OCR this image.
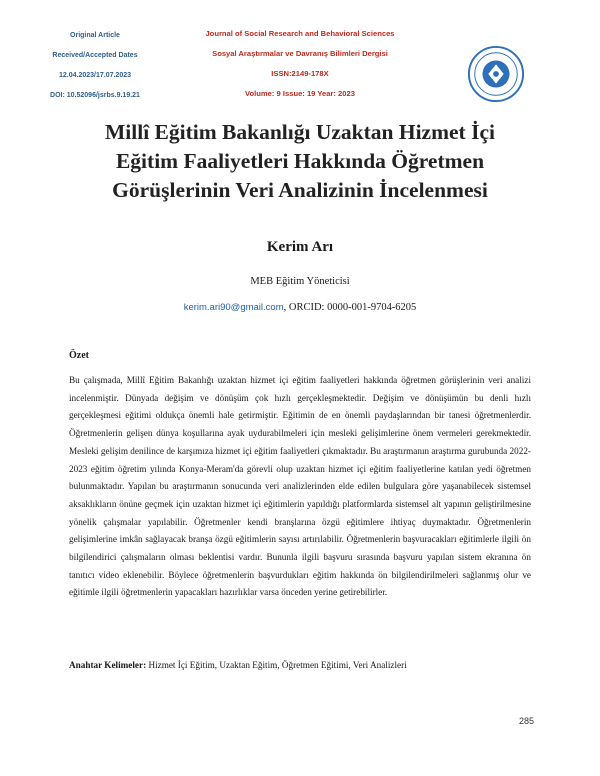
Original Article
Received/Accepted Dates
12.04.2023/17.07.2023
DOI: 10.52096/jsrbs.9.19.21
Journal of Social Research and Behavioral Sciences
Sosyal Araştırmalar ve Davranış Bilimleri Dergisi
ISSN:2149-178X
Volume: 9 Issue: 19 Year: 2023
Millî Eğitim Bakanlığı Uzaktan Hizmet İçi
Eğitim Faaliyetleri Hakkında Öğretmen
Görüşlerinin Veri Analizinin İncelenmesi
Kerim Arı
MEB Eğitim Yöneticisi
kerim.ari90@gmail.com, ORCID: 0000-001-9704-6205
Özet

Bu çalışmada, Millî Eğitim Bakanlığı uzaktan hizmet içi eğitim faaliyetleri hakkında öğretmen görüşlerinin veri analizi incelenmiştir. Dünyada değişim ve dönüşüm çok hızlı gerçekleşmektedir. Değişim ve dönüşümün bu denli hızlı gerçekleşmesi eğitimi oldukça önemli hale getirmiştir. Eğitimin de en önemli paydaşlarından bir tanesi öğretmenlerdir. Öğretmenlerin gelişen dünya koşullarına ayak uydurabilmeleri için mesleki gelişimlerine önem vermeleri gerekmektedir. Mesleki gelişim denilince de karşımıza hizmet içi eğitim faaliyetleri çıkmaktadır. Bu araştırmanın araştırma gurubunda 2022-2023 eğitim öğretim yılında Konya-Meram'da görevli olup uzaktan hizmet içi eğitim faaliyetlerine katılan yedi öğretmen bulunmaktadır. Yapılan bu araştırmanın sonucunda veri analizlerinden elde edilen bulgulara göre yaşanabilecek sistemsel aksaklıkların önüne geçmek için uzaktan hizmet içi eğitimlerin yapıldığı platformlarda sistemsel alt yapının geliştirilmesine yönelik çalışmalar yapılabilir. Öğretmenler kendi branşlarına özgü eğitimlere ihtiyaç duymaktadır. Öğretmenlerin gelişimlerine imkân sağlayacak branşa özgü eğitimlerin sayısı artırılabilir. Öğretmenlerin başvuracakları eğitimlerle ilgili ön bilgilendirici çalışmaların olması beklentisi vardır. Bununla ilgili başvuru sırasında başvuru yapılan sistem ekranına ön tanıtıcı video eklenebilir. Böylece öğretmenlerin başvurdukları eğitim hakkında ön bilgilendirilmeleri sağlanmış olur ve eğitimle ilgili öğretmenlerin yapacakları hazırlıklar varsa önceden yerine getirebilirler.

Anahtar Kelimeler: Hizmet İçi Eğitim, Uzaktan Eğitim, Öğretmen Eğitimi, Veri Analizleri

285
